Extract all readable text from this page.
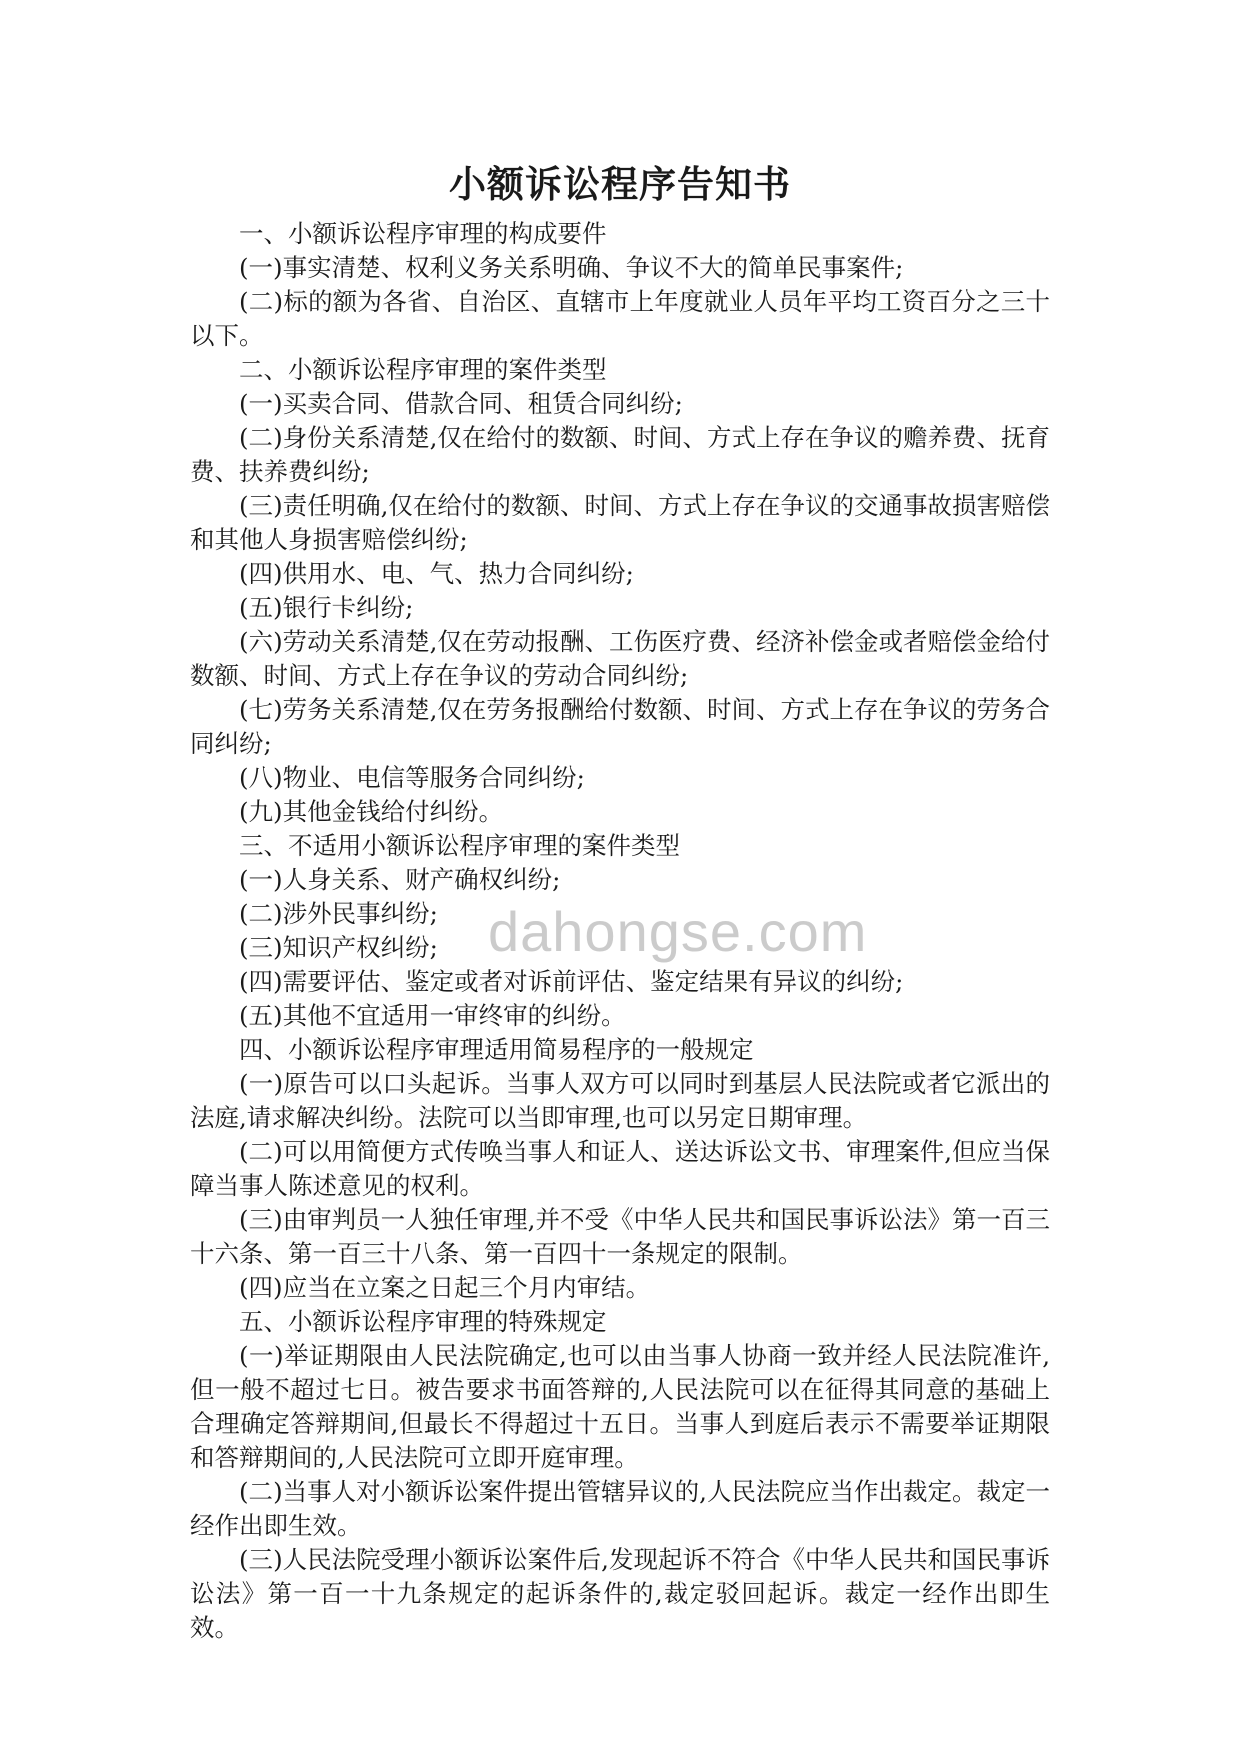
小额诉讼程序告知书

一、小额诉讼程序审理的构成要件

(一)事实清楚、权利义务关系明确、争议不大的简单民事案件;

(二)标的额为各省、自治区、直辖市上年度就业人员年平均工资百分之三十以下。

二、小额诉讼程序审理的案件类型

(一)买卖合同、借款合同、租赁合同纠纷;

(二)身份关系清楚,仅在给付的数额、时间、方式上存在争议的赡养费、抚育费、扶养费纠纷;

(三)责任明确,仅在给付的数额、时间、方式上存在争议的交通事故损害赔偿和其他人身损害赔偿纠纷;

(四)供用水、电、气、热力合同纠纷;

(五)银行卡纠纷;

(六)劳动关系清楚,仅在劳动报酬、工伤医疗费、经济补偿金或者赔偿金给付数额、时间、方式上存在争议的劳动合同纠纷;

(七)劳务关系清楚,仅在劳务报酬给付数额、时间、方式上存在争议的劳务合同纠纷;

(八)物业、电信等服务合同纠纷;

(九)其他金钱给付纠纷。

三、不适用小额诉讼程序审理的案件类型

(一)人身关系、财产确权纠纷;

(二)涉外民事纠纷;

(三)知识产权纠纷;

(四)需要评估、鉴定或者对诉前评估、鉴定结果有异议的纠纷;

(五)其他不宜适用一审终审的纠纷。

四、小额诉讼程序审理适用简易程序的一般规定

(一)原告可以口头起诉。当事人双方可以同时到基层人民法院或者它派出的法庭,请求解决纠纷。法院可以当即审理,也可以另定日期审理。

(二)可以用简便方式传唤当事人和证人、送达诉讼文书、审理案件,但应当保障当事人陈述意见的权利。

(三)由审判员一人独任审理,并不受《中华人民共和国民事诉讼法》第一百三十六条、第一百三十八条、第一百四十一条规定的限制。

(四)应当在立案之日起三个月内审结。

五、小额诉讼程序审理的特殊规定

(一)举证期限由人民法院确定,也可以由当事人协商一致并经人民法院准许,但一般不超过七日。被告要求书面答辩的,人民法院可以在征得其同意的基础上合理确定答辩期间,但最长不得超过十五日。当事人到庭后表示不需要举证期限和答辩期间的,人民法院可立即开庭审理。

(二)当事人对小额诉讼案件提出管辖异议的,人民法院应当作出裁定。裁定一经作出即生效。

(三)人民法院受理小额诉讼案件后,发现起诉不符合《中华人民共和国民事诉讼法》第一百一十九条规定的起诉条件的,裁定驳回起诉。裁定一经作出即生效。

dahongse.com
